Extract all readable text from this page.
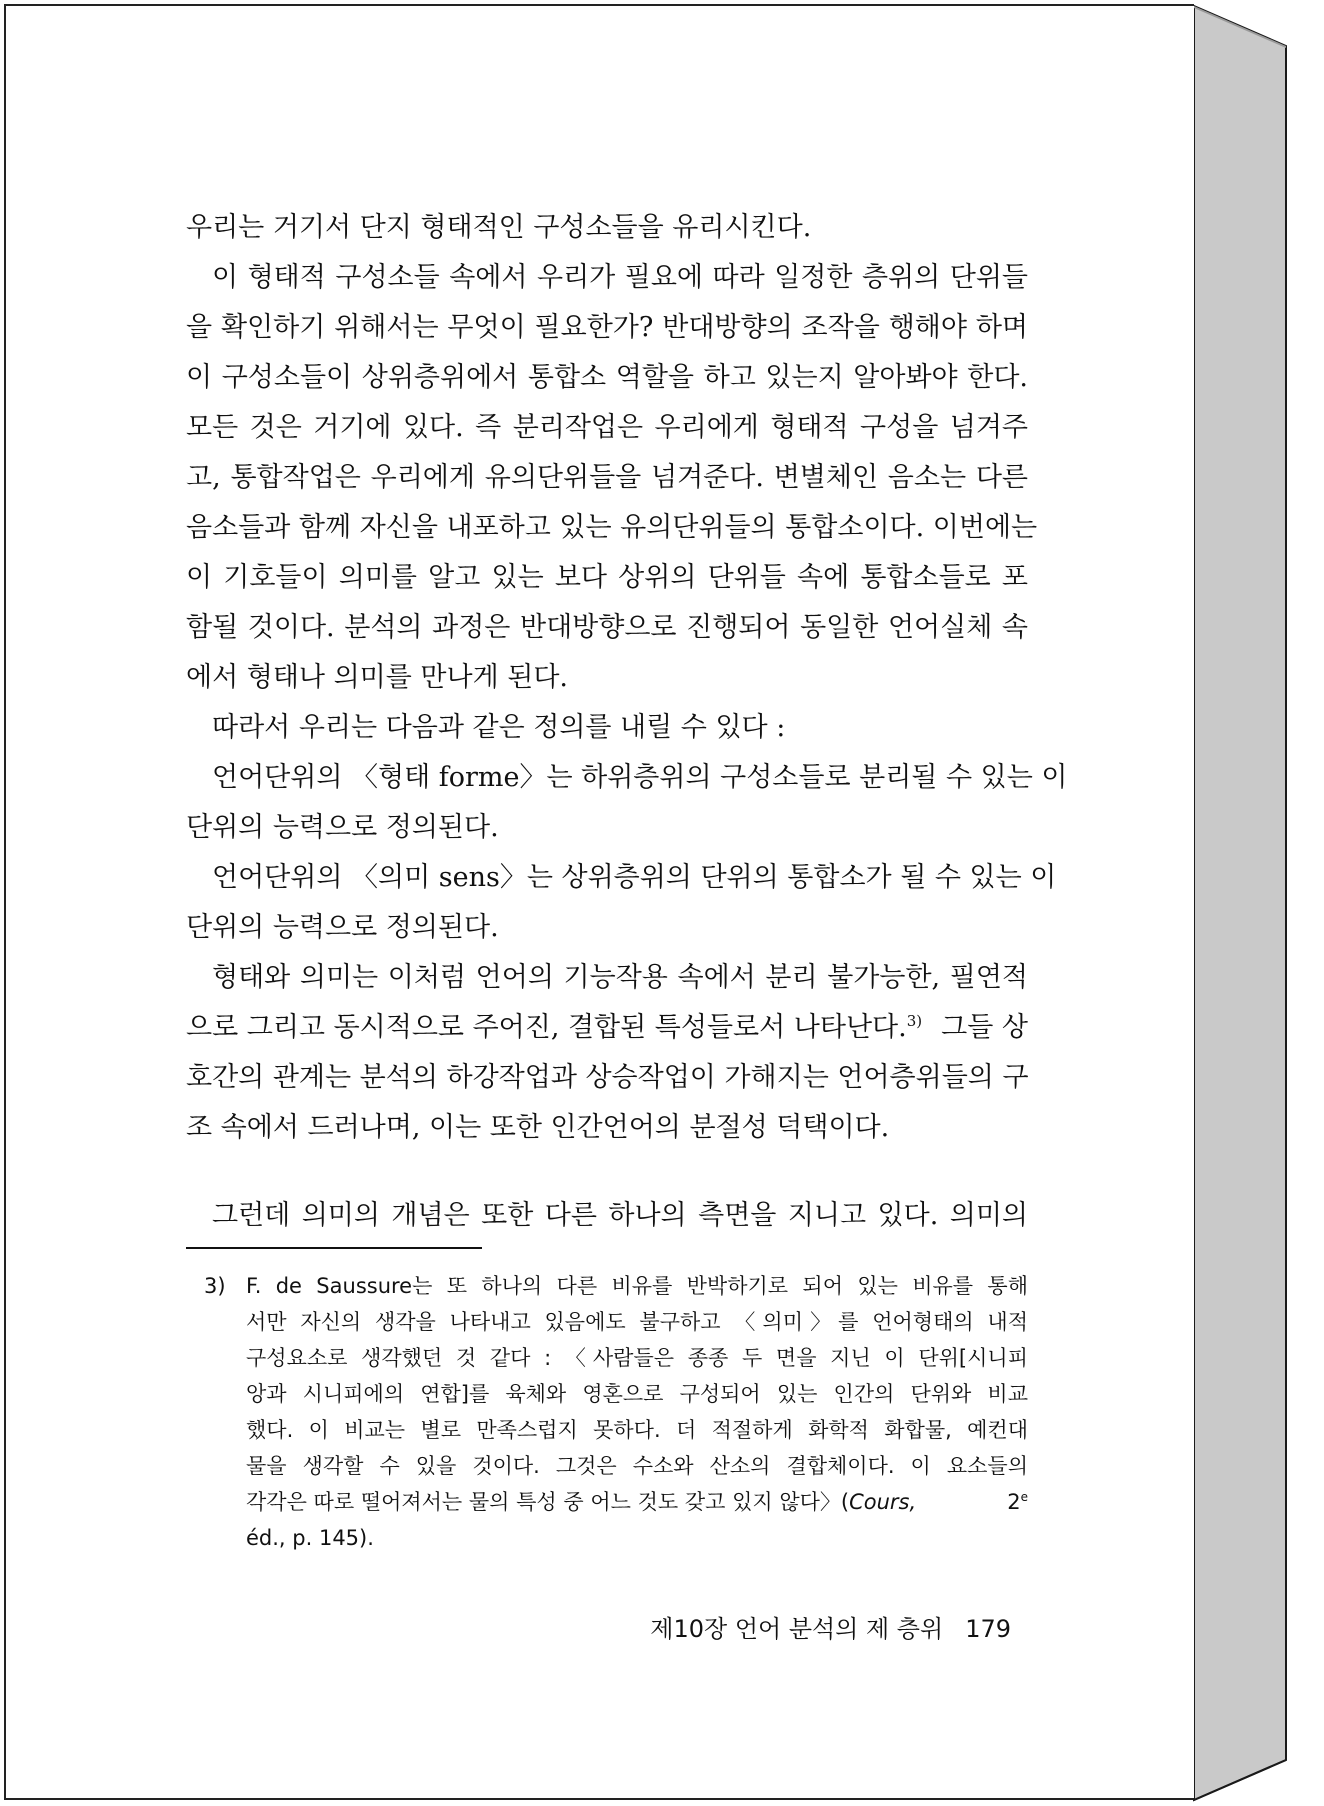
우리는 거기서 단지 형태적인 구성소들을 유리시킨다.
이 형태적 구성소들 속에서 우리가 필요에 따라 일정한 층위의 단위들
을 확인하기 위해서는 무엇이 필요한가? 반대방향의 조작을 행해야 하며
이 구성소들이 상위층위에서 통합소 역할을 하고 있는지 알아봐야 한다.
모든 것은 거기에 있다. 즉 분리작업은 우리에게 형태적 구성을 넘겨주
고, 통합작업은 우리에게 유의단위들을 넘겨준다. 변별체인 음소는 다른
음소들과 함께 자신을 내포하고 있는 유의단위들의 통합소이다. 이번에는
이 기호들이 의미를 알고 있는 보다 상위의 단위들 속에 통합소들로 포
함될 것이다. 분석의 과정은 반대방향으로 진행되어 동일한 언어실체 속
에서 형태나 의미를 만나게 된다.
따라서 우리는 다음과 같은 정의를 내릴 수 있다 :
언어단위의 〈형태 forme〉는 하위층위의 구성소들로 분리될 수 있는 이
단위의 능력으로 정의된다.
언어단위의 〈의미 sens〉는 상위층위의 단위의 통합소가 될 수 있는 이
단위의 능력으로 정의된다.
형태와 의미는 이처럼 언어의 기능작용 속에서 분리 불가능한, 필연적
으로 그리고 동시적으로 주어진, 결합된 특성들로서 나타난다.$^{3)}$ 그들 상
호간의 관계는 분석의 하강작업과 상승작업이 가해지는 언어층위들의 구
조 속에서 드러나며, 이는 또한 인간언어의 분절성 덕택이다.
그런데 의미의 개념은 또한 다른 하나의 측면을 지니고 있다. 의미의
3) F. de Saussure는 또 하나의 다른 비유를 반박하기로 되어 있는 비유를 통해
서만 자신의 생각을 나타내고 있음에도 불구하고 〈의미〉를 언어형태의 내적
구성요소로 생각했던 것 같다 : 〈사람들은 종종 두 면을 지닌 이 단위[시니피
앙과 시니피에의 연합]를 육체와 영혼으로 구성되어 있는 인간의 단위와 비교
했다. 이 비교는 별로 만족스럽지 못하다. 더 적절하게 화학적 화합물, 예컨대
물을 생각할 수 있을 것이다. 그것은 수소와 산소의 결합체이다. 이 요소들의
각각은 따로 떨어져서는 물의 특성 중 어느 것도 갖고 있지 않다〉(Cours,	2e
éd., p. 145).
제10장 언어 분석의 제 층위 179
